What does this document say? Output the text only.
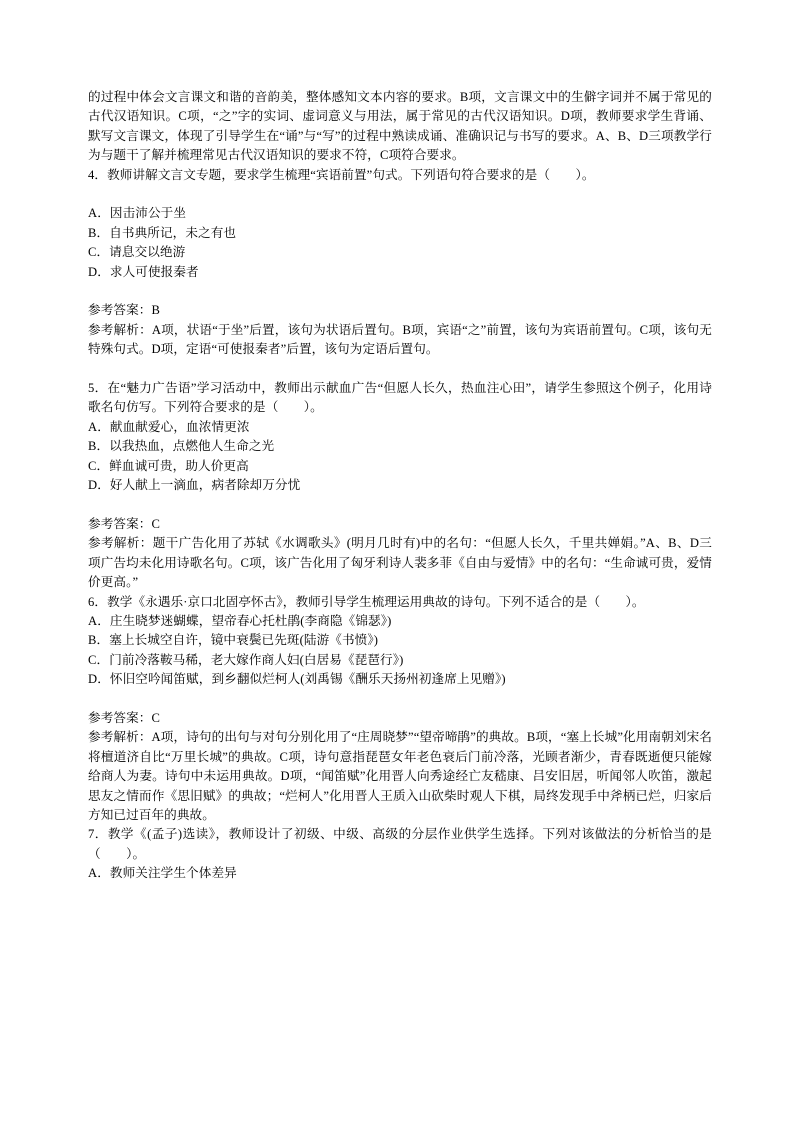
的过程中体会文言课文和谐的音韵美，整体感知文本内容的要求。B项，文言课文中的生僻字词并不属于常见的古代汉语知识。C项，“之”字的实词、虚词意义与用法，属于常见的古代汉语知识。D项，教师要求学生背诵、默写文言课文，体现了引导学生在“诵”与“写”的过程中熟读成诵、准确识记与书写的要求。A、B、D三项教学行为与题干了解并梳理常见古代汉语知识的要求不符，C项符合要求。

4．教师讲解文言文专题，要求学生梳理“宾语前置”句式。下列语句符合要求的是（　　）。

A．因击沛公于坐

B．自书典所记，未之有也

C．请息交以绝游

D．求人可使报秦者

参考答案：B

参考解析：A项，状语“于坐”后置，该句为状语后置句。B项，宾语“之”前置，该句为宾语前置句。C项，该句无特殊句式。D项，定语“可使报秦者”后置，该句为定语后置句。

5．在“魅力广告语”学习活动中，教师出示献血广告“但愿人长久，热血注心田”，请学生参照这个例子，化用诗歌名句仿写。下列符合要求的是（　　）。

A．献血献爱心，血浓情更浓

B．以我热血，点燃他人生命之光

C．鲜血诚可贵，助人价更高

D．好人献上一滴血，病者除却万分忧

参考答案：C

参考解析：题干广告化用了苏轼《水调歌头》(明月几时有)中的名句：“但愿人长久，千里共婵娟。”A、B、D三项广告均未化用诗歌名句。C项，该广告化用了匈牙利诗人裴多菲《自由与爱情》中的名句：“生命诚可贵，爱情价更高。”

6．教学《永遇乐·京口北固亭怀古》，教师引导学生梳理运用典故的诗句。下列不适合的是（　　）。

A．庄生晓梦迷蝴蝶，望帝春心托杜鹃(李商隐《锦瑟》)

B．塞上长城空自许，镜中衰鬓已先斑(陆游《书愤》)

C．门前冷落鞍马稀，老大嫁作商人妇(白居易《琵琶行》)

D．怀旧空吟闻笛赋，到乡翻似烂柯人(刘禹锡《酬乐天扬州初逢席上见赠》)

参考答案：C

参考解析：A项，诗句的出句与对句分别化用了“庄周晓梦”“望帝啼鹃”的典故。B项，“塞上长城”化用南朝刘宋名将檀道济自比“万里长城”的典故。C项，诗句意指琵琶女年老色衰后门前冷落，光顾者渐少，青春既逝便只能嫁给商人为妻。诗句中未运用典故。D项，“闻笛赋”化用晋人向秀途经亡友嵇康、吕安旧居，听闻邻人吹笛，激起思友之情而作《思旧赋》的典故；“烂柯人”化用晋人王质入山砍柴时观人下棋，局终发现手中斧柄已烂，归家后方知已过百年的典故。

7．教学《(孟子)选读》，教师设计了初级、中级、高级的分层作业供学生选择。下列对该做法的分析恰当的是（　　）。

A．教师关注学生个体差异
